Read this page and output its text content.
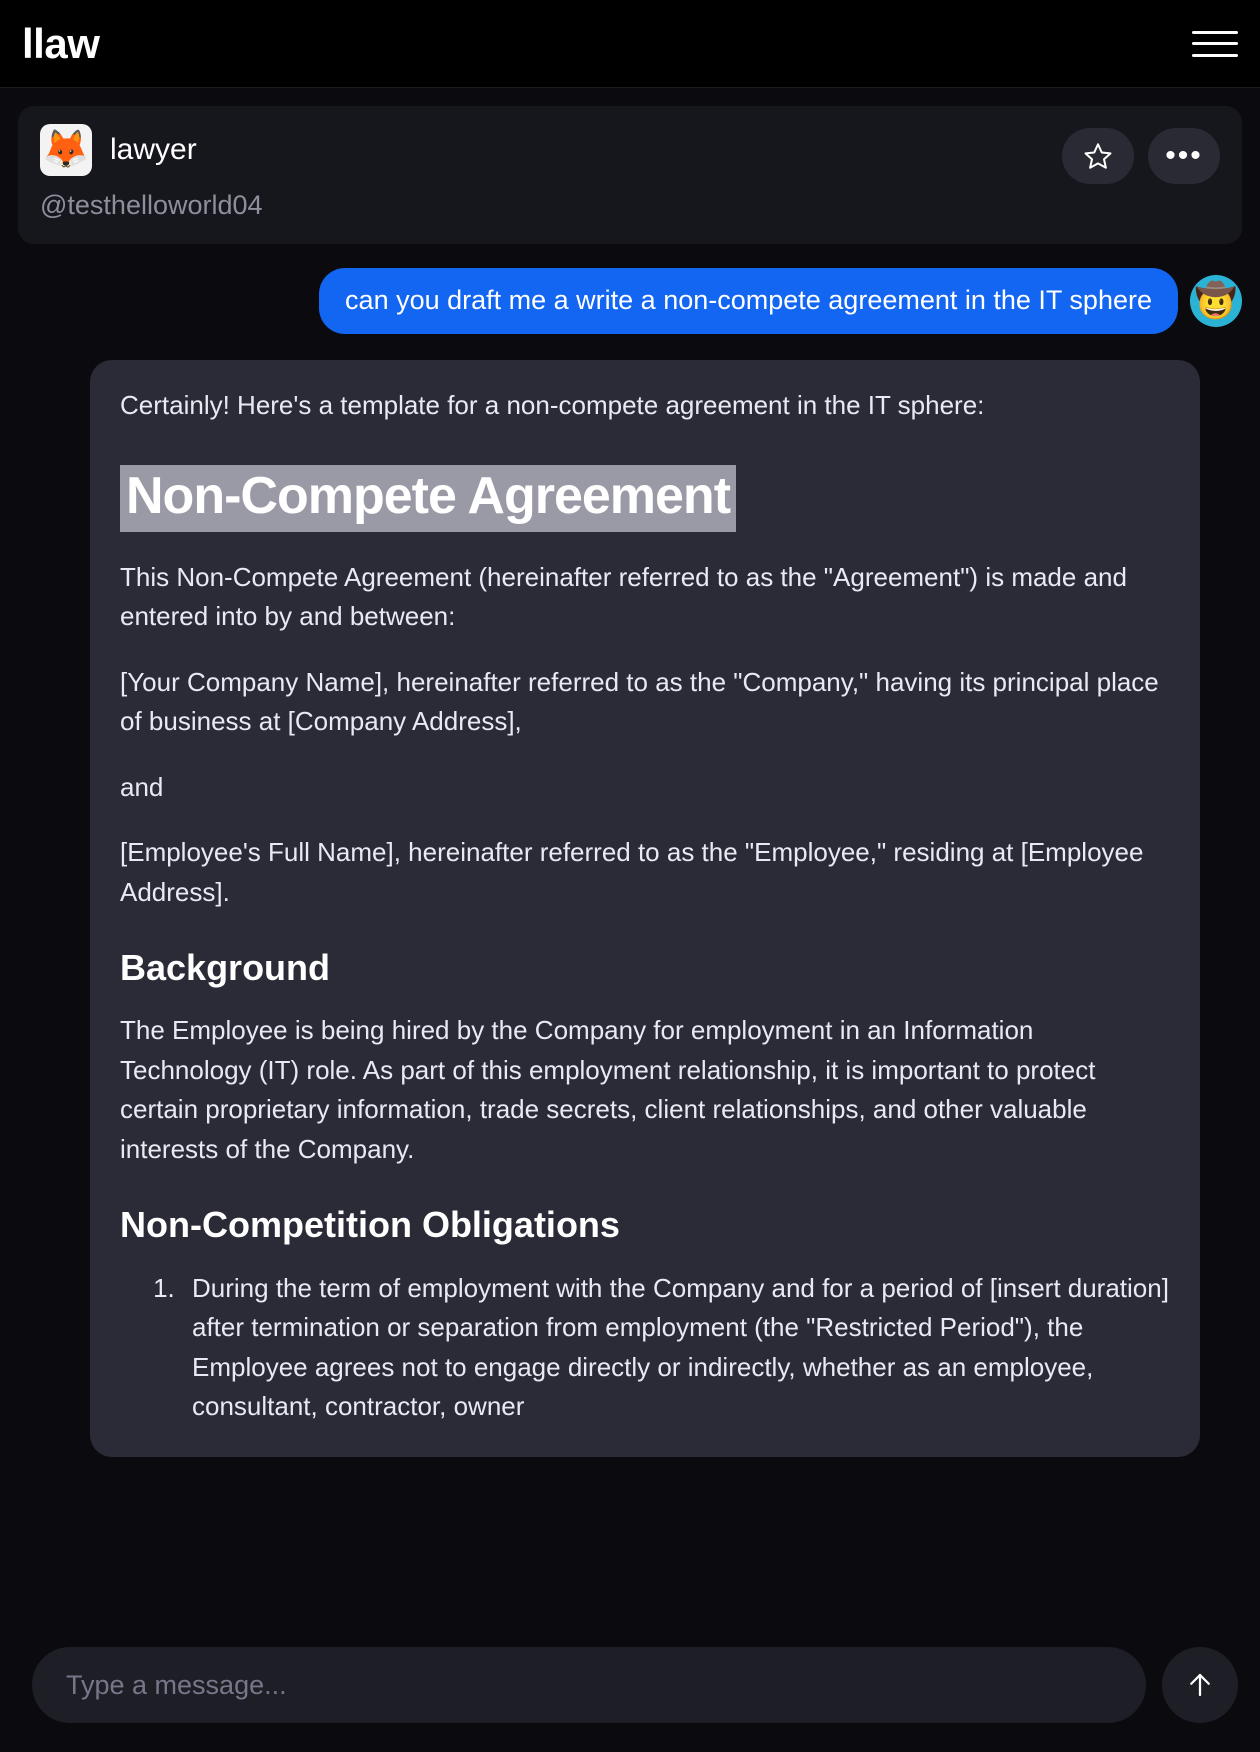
llaw
🦊 lawyer
@testhelloworld04
•••
can you draft me a write a non-compete agreement in the IT sphere	🤠

Certainly! Here's a template for a non-compete agreement in the IT sphere:

Non-Compete Agreement

This Non-Compete Agreement (hereinafter referred to as the "Agreement") is made and entered into by and between:

[Your Company Name], hereinafter referred to as the "Company," having its principal place of business at [Company Address],

and

[Employee's Full Name], hereinafter referred to as the "Employee," residing at [Employee Address].

Background

The Employee is being hired by the Company for employment in an Information Technology (IT) role. As part of this employment relationship, it is important to protect certain proprietary information, trade secrets, client relationships, and other valuable interests of the Company.

Non-Competition Obligations
1. During the term of employment with the Company and for a period of [insert duration] after termination or separation from employment (the "Restricted Period"), the Employee agrees not to engage directly or indirectly, whether as an employee, consultant, contractor, owner
Type a message...
